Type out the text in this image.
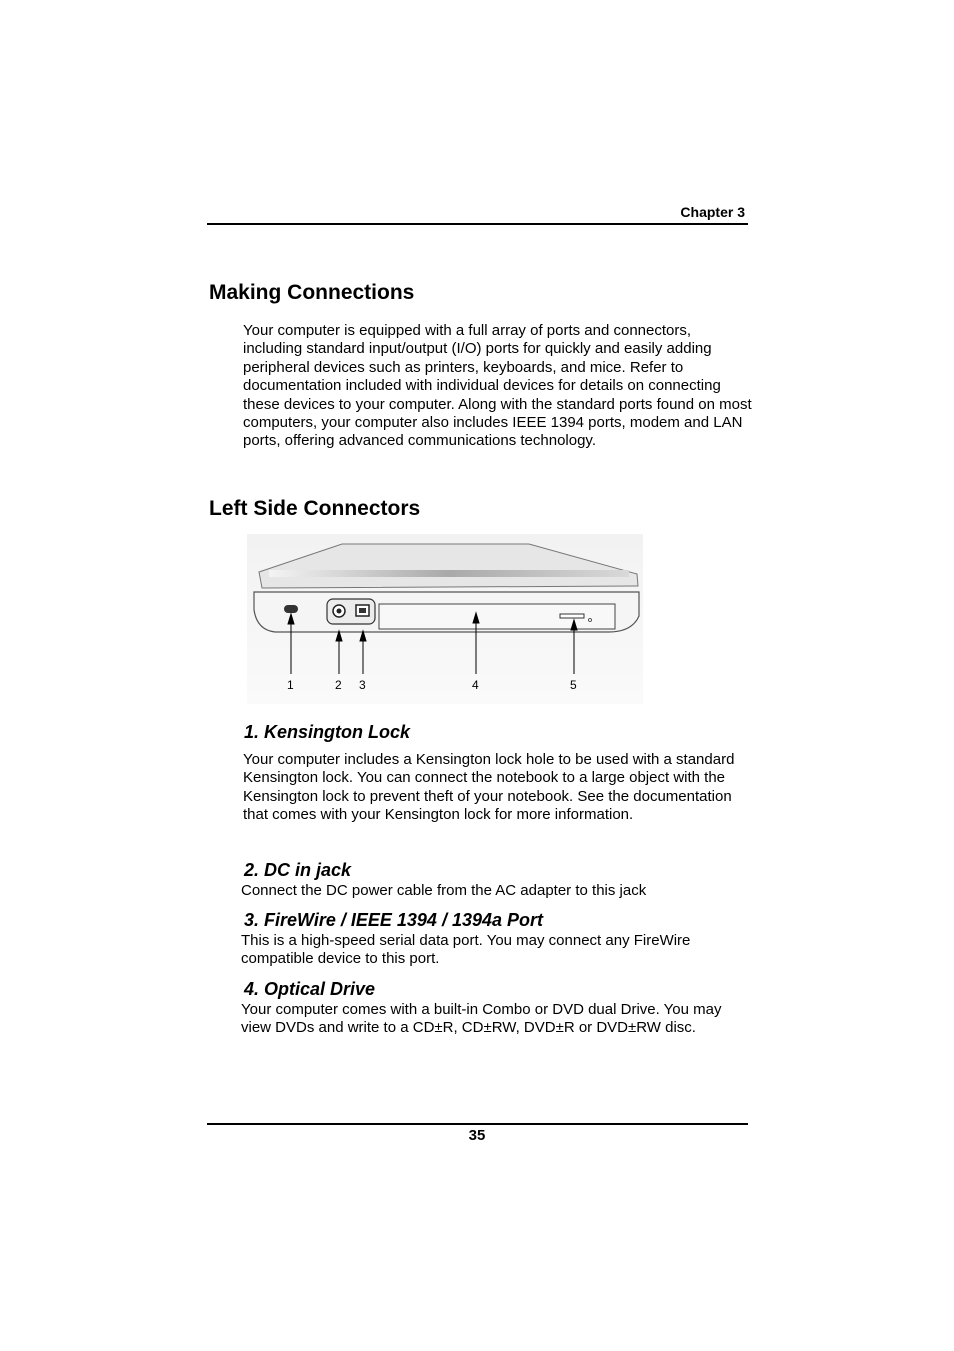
Chapter 3
Making Connections
Your computer is equipped with a full array of ports and connectors, including standard input/output (I/O) ports for quickly and easily adding peripheral devices such as printers, keyboards, and mice. Refer to documentation included with individual devices for details on connecting these devices to your computer. Along with the standard ports found on most computers, your computer also includes IEEE 1394 ports, modem and LAN ports, offering advanced communications technology.
Left Side Connectors
1	2 3	4	5
1. Kensington Lock
Your computer includes a Kensington lock hole to be used with a standard Kensington lock. You can connect the notebook to a large object with the Kensington lock to prevent theft of your notebook. See the documentation that comes with your Kensington lock for more information.
2. DC in jack
Connect the DC power cable from the AC adapter to this jack
3. FireWire / IEEE 1394 / 1394a Port
This is a high-speed serial data port. You may connect any FireWire compatible device to this port.
4. Optical Drive
Your computer comes with a built-in Combo or DVD dual Drive. You may view DVDs and write to a CD±R, CD±RW, DVD±R or DVD±RW disc.
35
